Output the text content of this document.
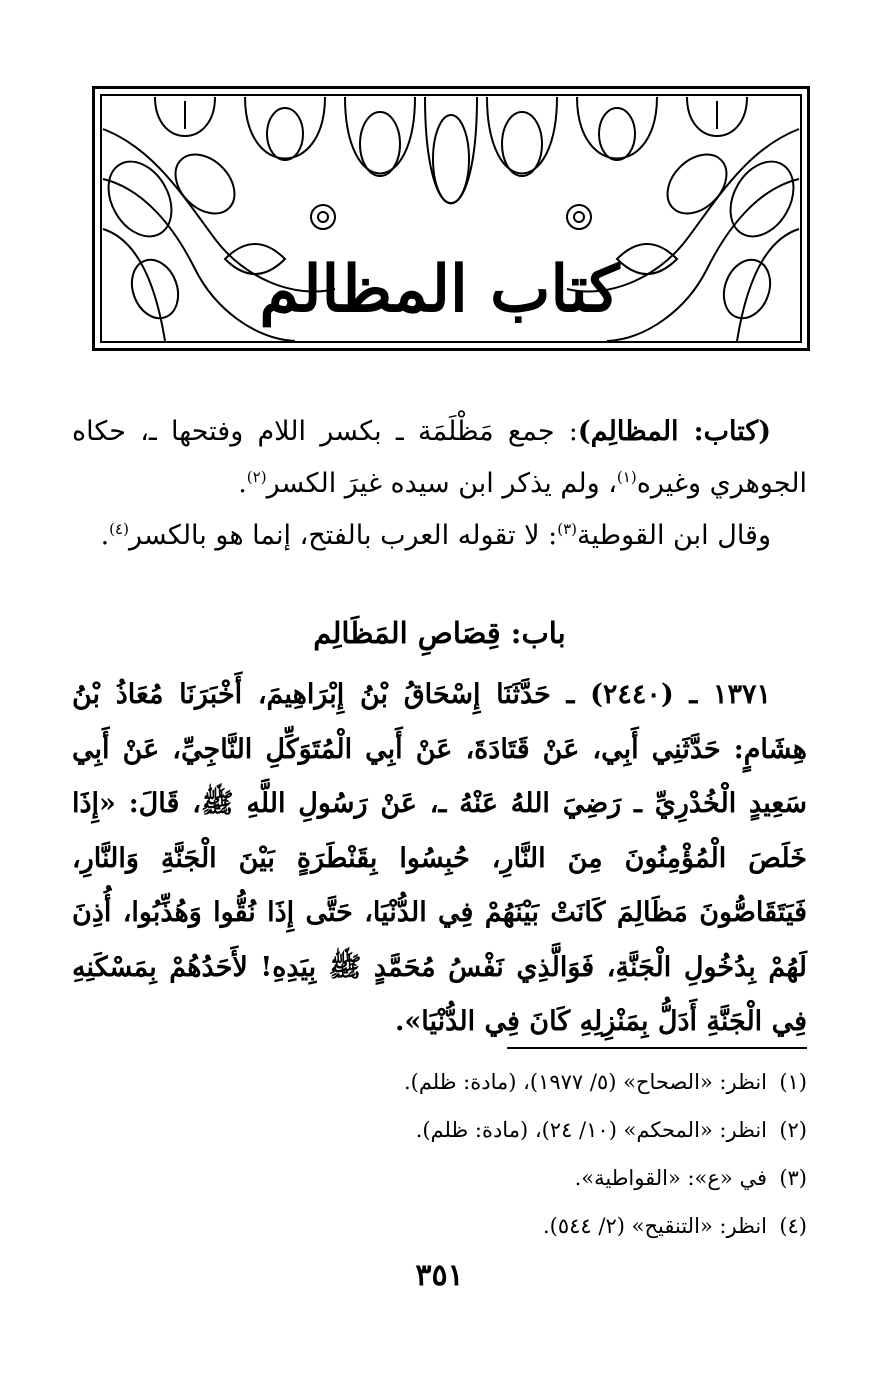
كتاب المظالم

(كتاب: المظالِم): جمع مَظْلَمَة ـ بكسر اللام وفتحها ـ، حكاه الجوهري وغيره$^{(١)}$، ولم يذكر ابن سيده غيرَ الكسر$^{(٢)}$.

وقال ابن القوطية$^{(٣)}$: لا تقوله العرب بالفتح، إنما هو بالكسر$^{(٤)}$.

باب: قِصَاصِ المَظَالِم

١٣٧١ ـ (٢٤٤٠) ـ حَدَّثَنَا إِسْحَاقُ بْنُ إِبْرَاهِيمَ، أَخْبَرَنَا مُعَاذُ بْنُ هِشَامٍ: حَدَّثَنِي أَبِي، عَنْ قَتَادَةَ، عَنْ أَبِي الْمُتَوَكِّلِ النَّاجِيِّ، عَنْ أَبِي سَعِيدٍ الْخُدْرِيِّ ـ رَضِيَ اللهُ عَنْهُ ـ، عَنْ رَسُولِ اللَّهِ ﷺ، قَالَ: «إِذَا خَلَصَ الْمُؤْمِنُونَ مِنَ النَّارِ، حُبِسُوا بِقَنْطَرَةٍ بَيْنَ الْجَنَّةِ وَالنَّارِ، فَيَتَقَاصُّونَ مَظَالِمَ كَانَتْ بَيْنَهُمْ فِي الدُّنْيَا، حَتَّى إِذَا نُقُّوا وَهُذِّبُوا، أُذِنَ لَهُمْ بِدُخُولِ الْجَنَّةِ، فَوَالَّذِي نَفْسُ مُحَمَّدٍ ﷺ بِيَدِهِ! لأَحَدُهُمْ بِمَسْكَنِهِ فِي الْجَنَّةِ أَدَلُّ بِمَنْزِلِهِ كَانَ فِي الدُّنْيَا».

(١)انظر: «الصحاح» (٥/ ١٩٧٧)، (مادة: ظلم).
(٢)انظر: «المحكم» (١٠/ ٢٤)، (مادة: ظلم).
(٣)في «ع»: «القواطية».
(٤)انظر: «التنقيح» (٢/ ٥٤٤).
٣٥١
